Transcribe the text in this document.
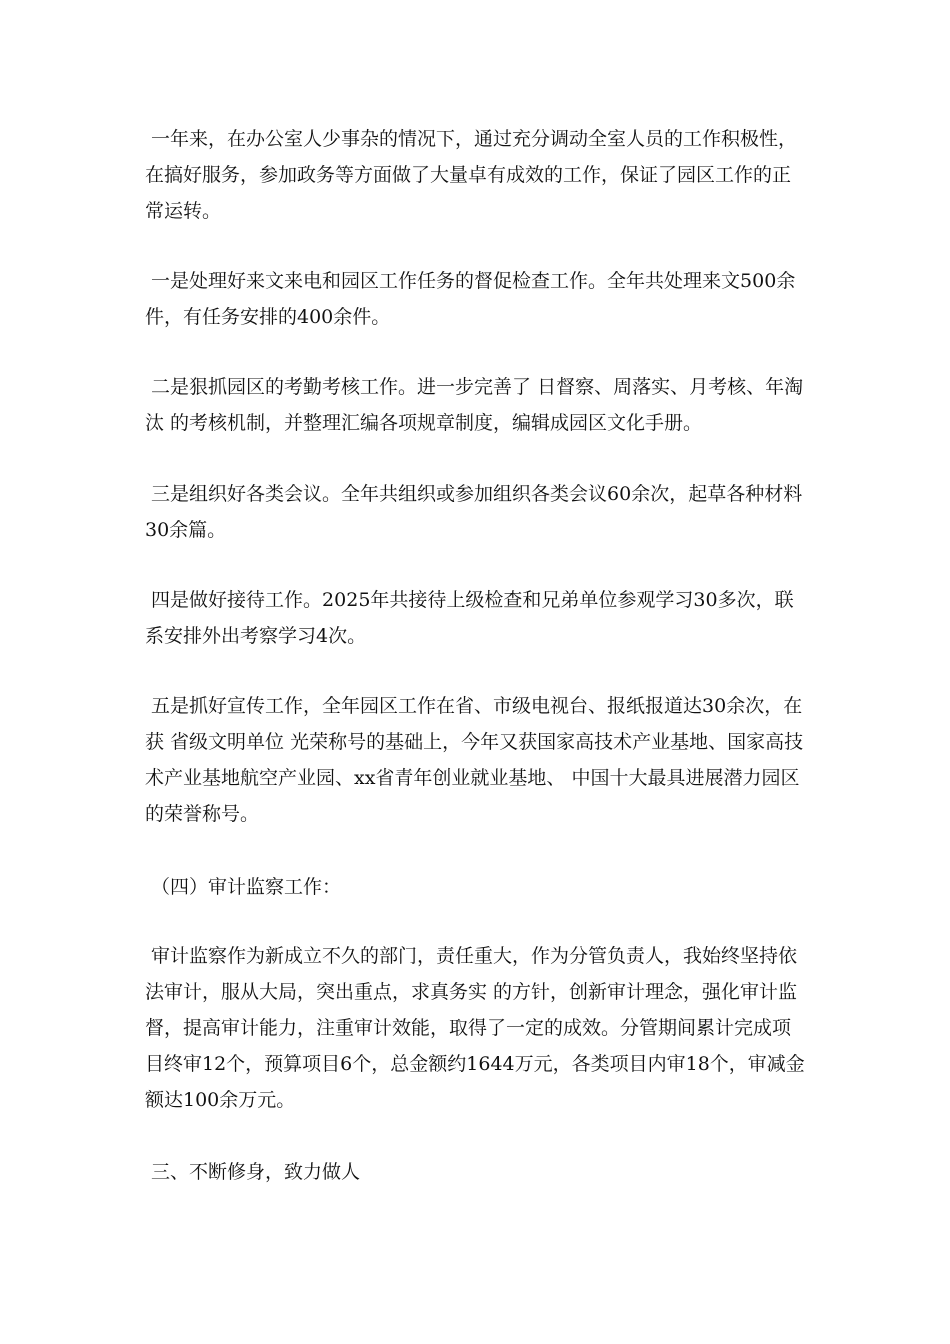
一年来，在办公室人少事杂的情况下，通过充分调动全室人员的工作积极性，在搞好服务，参加政务等方面做了大量卓有成效的工作，保证了园区工作的正常运转。

一是处理好来文来电和园区工作任务的督促检查工作。全年共处理来文500余件，有任务安排的400余件。

二是狠抓园区的考勤考核工作。进一步完善了 日督察、周落实、月考核、年淘汰 的考核机制，并整理汇编各项规章制度，编辑成园区文化手册。

三是组织好各类会议。全年共组织或参加组织各类会议60余次，起草各种材料30余篇。

四是做好接待工作。2025年共接待上级检查和兄弟单位参观学习30多次，联系安排外出考察学习4次。

五是抓好宣传工作，全年园区工作在省、市级电视台、报纸报道达30余次，在获 省级文明单位 光荣称号的基础上，今年又获国家高技术产业基地、国家高技术产业基地航空产业园、xx省青年创业就业基地、 中国十大最具进展潜力园区 的荣誉称号。

（四）审计监察工作：

审计监察作为新成立不久的部门，责任重大，作为分管负责人，我始终坚持依法审计，服从大局，突出重点，求真务实 的方针，创新审计理念，强化审计监督，提高审计能力，注重审计效能，取得了一定的成效。分管期间累计完成项目终审12个，预算项目6个，总金额约1644万元，各类项目内审18个，审减金额达100余万元。

三、不断修身，致力做人
